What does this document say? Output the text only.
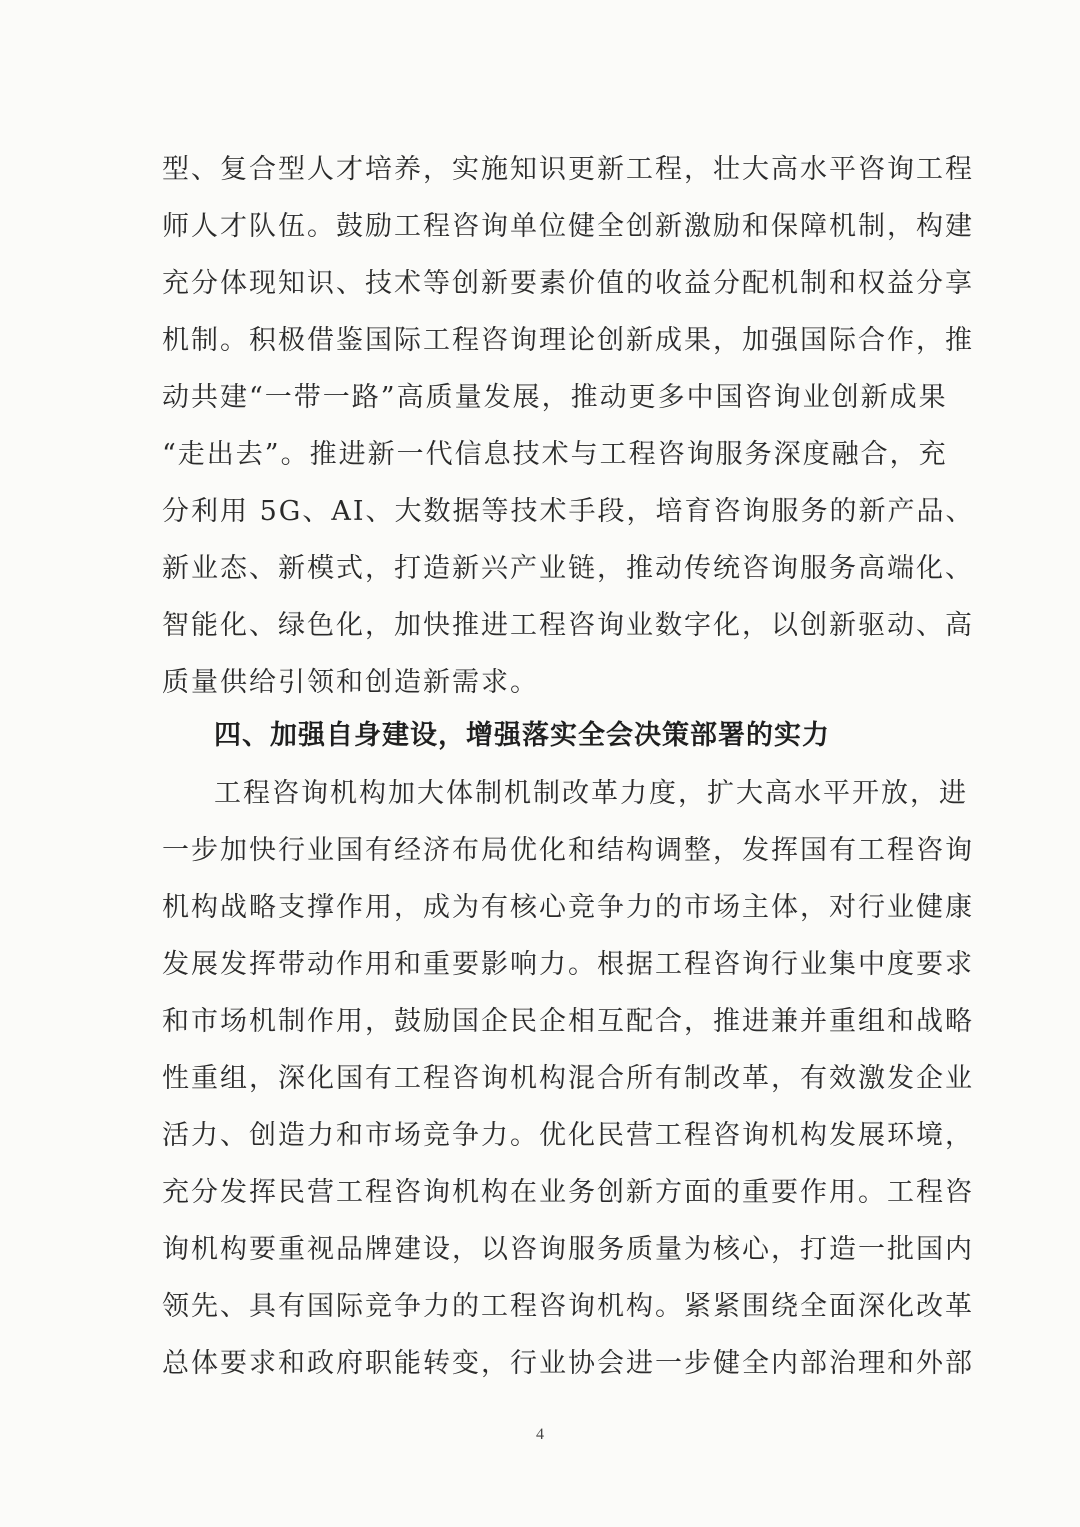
型、复合型人才培养，实施知识更新工程，壮大高水平咨询工程
师人才队伍。鼓励工程咨询单位健全创新激励和保障机制，构建
充分体现知识、技术等创新要素价值的收益分配机制和权益分享
机制。积极借鉴国际工程咨询理论创新成果，加强国际合作，推
动共建“一带一路”高质量发展，推动更多中国咨询业创新成果
“走出去”。推进新一代信息技术与工程咨询服务深度融合，充
分利用 5G、AI、大数据等技术手段，培育咨询服务的新产品、
新业态、新模式，打造新兴产业链，推动传统咨询服务高端化、
智能化、绿色化，加快推进工程咨询业数字化，以创新驱动、高
质量供给引领和创造新需求。
四、加强自身建设，增强落实全会决策部署的实力
工程咨询机构加大体制机制改革力度，扩大高水平开放，进
一步加快行业国有经济布局优化和结构调整，发挥国有工程咨询
机构战略支撑作用，成为有核心竞争力的市场主体，对行业健康
发展发挥带动作用和重要影响力。根据工程咨询行业集中度要求
和市场机制作用，鼓励国企民企相互配合，推进兼并重组和战略
性重组，深化国有工程咨询机构混合所有制改革，有效激发企业
活力、创造力和市场竞争力。优化民营工程咨询机构发展环境，
充分发挥民营工程咨询机构在业务创新方面的重要作用。工程咨
询机构要重视品牌建设，以咨询服务质量为核心，打造一批国内
领先、具有国际竞争力的工程咨询机构。紧紧围绕全面深化改革
总体要求和政府职能转变，行业协会进一步健全内部治理和外部
4
